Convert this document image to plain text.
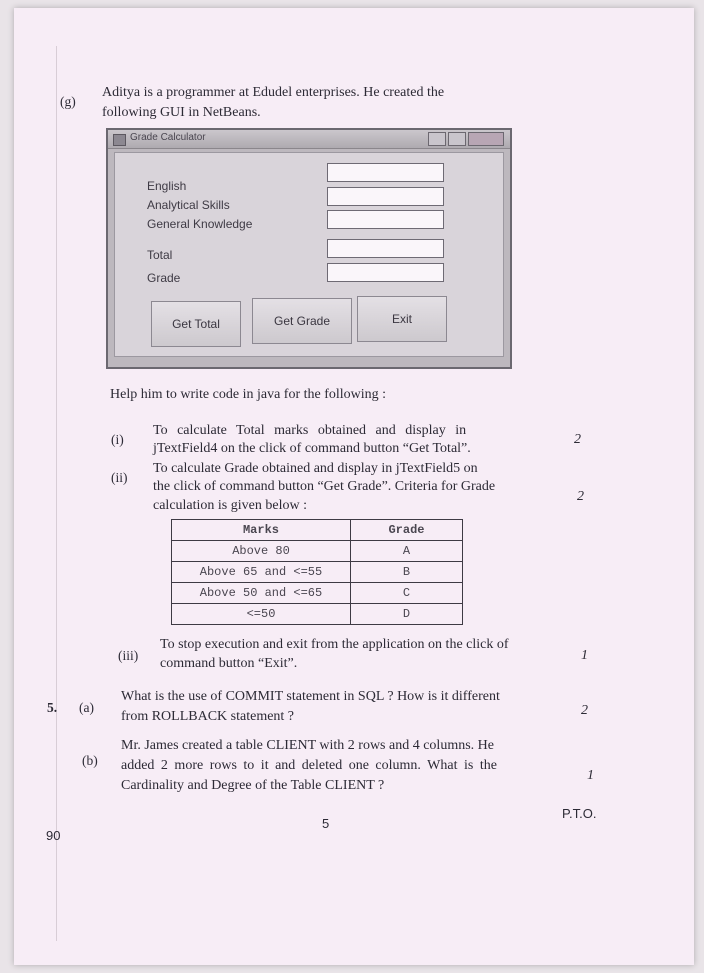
(g)
Aditya is a programmer at Edudel enterprises. He created the
following GUI in NetBeans.
Grade Calculator
English
Analytical Skills
General Knowledge
Total
Grade
Get Total	Get Grade	Exit
Help him to write code in java for the following :
(i)
To calculate Total marks obtained and display in
jTextField4 on the click of command button “Get Total”.
2
(ii)
To calculate Grade obtained and display in jTextField5 on
the click of command button “Get Grade”. Criteria for Grade
calculation is given below :
2
Marks	Grade
Above 80	A
Above 65 and <=55	B
Above 50 and <=65	C
<=50	D
(iii)
To stop execution and exit from the application on the click of
command button “Exit”.
1
5. (a)
What is the use of COMMIT statement in SQL ? How is it different
from ROLLBACK statement ?	2
(b)
Mr. James created a table CLIENT with 2 rows and 4 columns. He
added 2 more rows to it and deleted one column. What is the
Cardinality and Degree of the Table CLIENT ?
1
90
5
P.T.O.
